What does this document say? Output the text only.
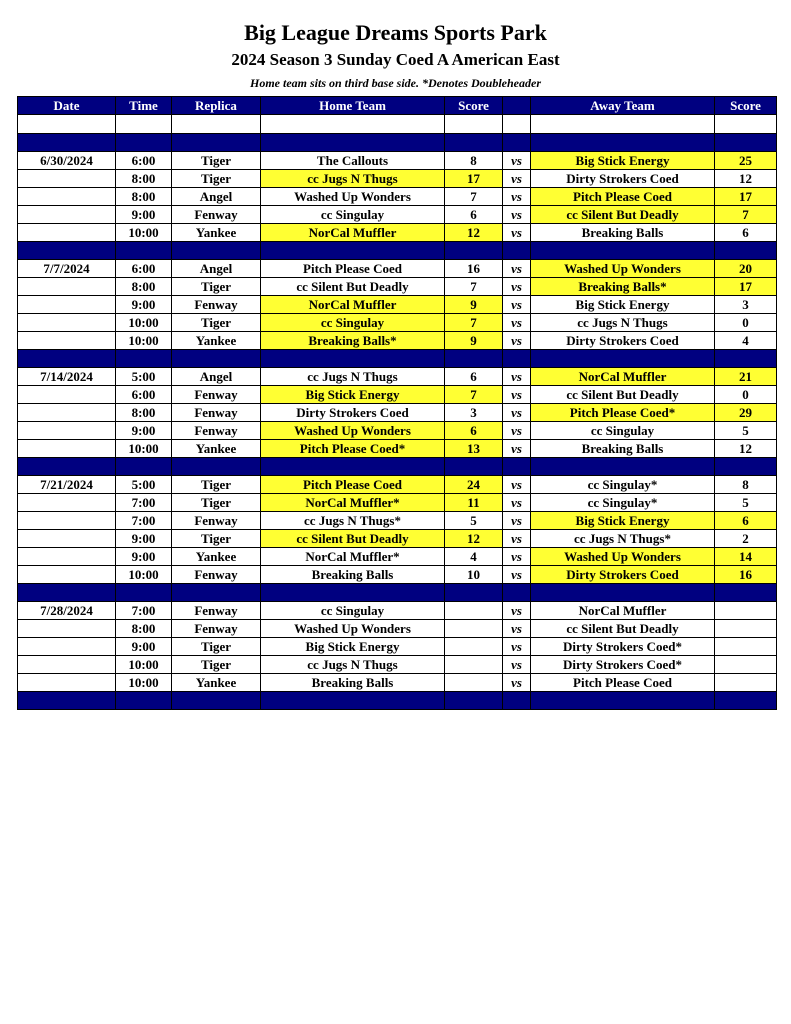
Big League Dreams Sports Park
2024 Season 3 Sunday Coed A American East
Home team sits on third base side. *Denotes Doubleheader
Date	Time	Replica	Home Team	Score		Away Team	Score

6/30/2024	6:00	Tiger	The Callouts	8	vs	Big Stick Energy	25
	8:00	Tiger	cc Jugs N Thugs	17	vs	Dirty Strokers Coed	12
	8:00	Angel	Washed Up Wonders	7	vs	Pitch Please Coed	17
	9:00	Fenway	cc Singulay	6	vs	cc Silent But Deadly	7
	10:00	Yankee	NorCal Muffler	12	vs	Breaking Balls	6

7/7/2024	6:00	Angel	Pitch Please Coed	16	vs	Washed Up Wonders	20
	8:00	Tiger	cc Silent But Deadly	7	vs	Breaking Balls*	17
	9:00	Fenway	NorCal Muffler	9	vs	Big Stick Energy	3
	10:00	Tiger	cc Singulay	7	vs	cc Jugs N Thugs	0
	10:00	Yankee	Breaking Balls*	9	vs	Dirty Strokers Coed	4

7/14/2024	5:00	Angel	cc Jugs N Thugs	6	vs	NorCal Muffler	21
	6:00	Fenway	Big Stick Energy	7	vs	cc Silent But Deadly	0
	8:00	Fenway	Dirty Strokers Coed	3	vs	Pitch Please Coed*	29
	9:00	Fenway	Washed Up Wonders	6	vs	cc Singulay	5
	10:00	Yankee	Pitch Please Coed*	13	vs	Breaking Balls	12

7/21/2024	5:00	Tiger	Pitch Please Coed	24	vs	cc Singulay*	8
	7:00	Tiger	NorCal Muffler*	11	vs	cc Singulay*	5
	7:00	Fenway	cc Jugs N Thugs*	5	vs	Big Stick Energy	6
	9:00	Tiger	cc Silent But Deadly	12	vs	cc Jugs N Thugs*	2
	9:00	Yankee	NorCal Muffler*	4	vs	Washed Up Wonders	14
	10:00	Fenway	Breaking Balls	10	vs	Dirty Strokers Coed	16

7/28/2024	7:00	Fenway	cc Singulay		vs	NorCal Muffler	
	8:00	Fenway	Washed Up Wonders		vs	cc Silent But Deadly	
	9:00	Tiger	Big Stick Energy		vs	Dirty Strokers Coed*	
	10:00	Tiger	cc Jugs N Thugs		vs	Dirty Strokers Coed*	
	10:00	Yankee	Breaking Balls		vs	Pitch Please Coed	
